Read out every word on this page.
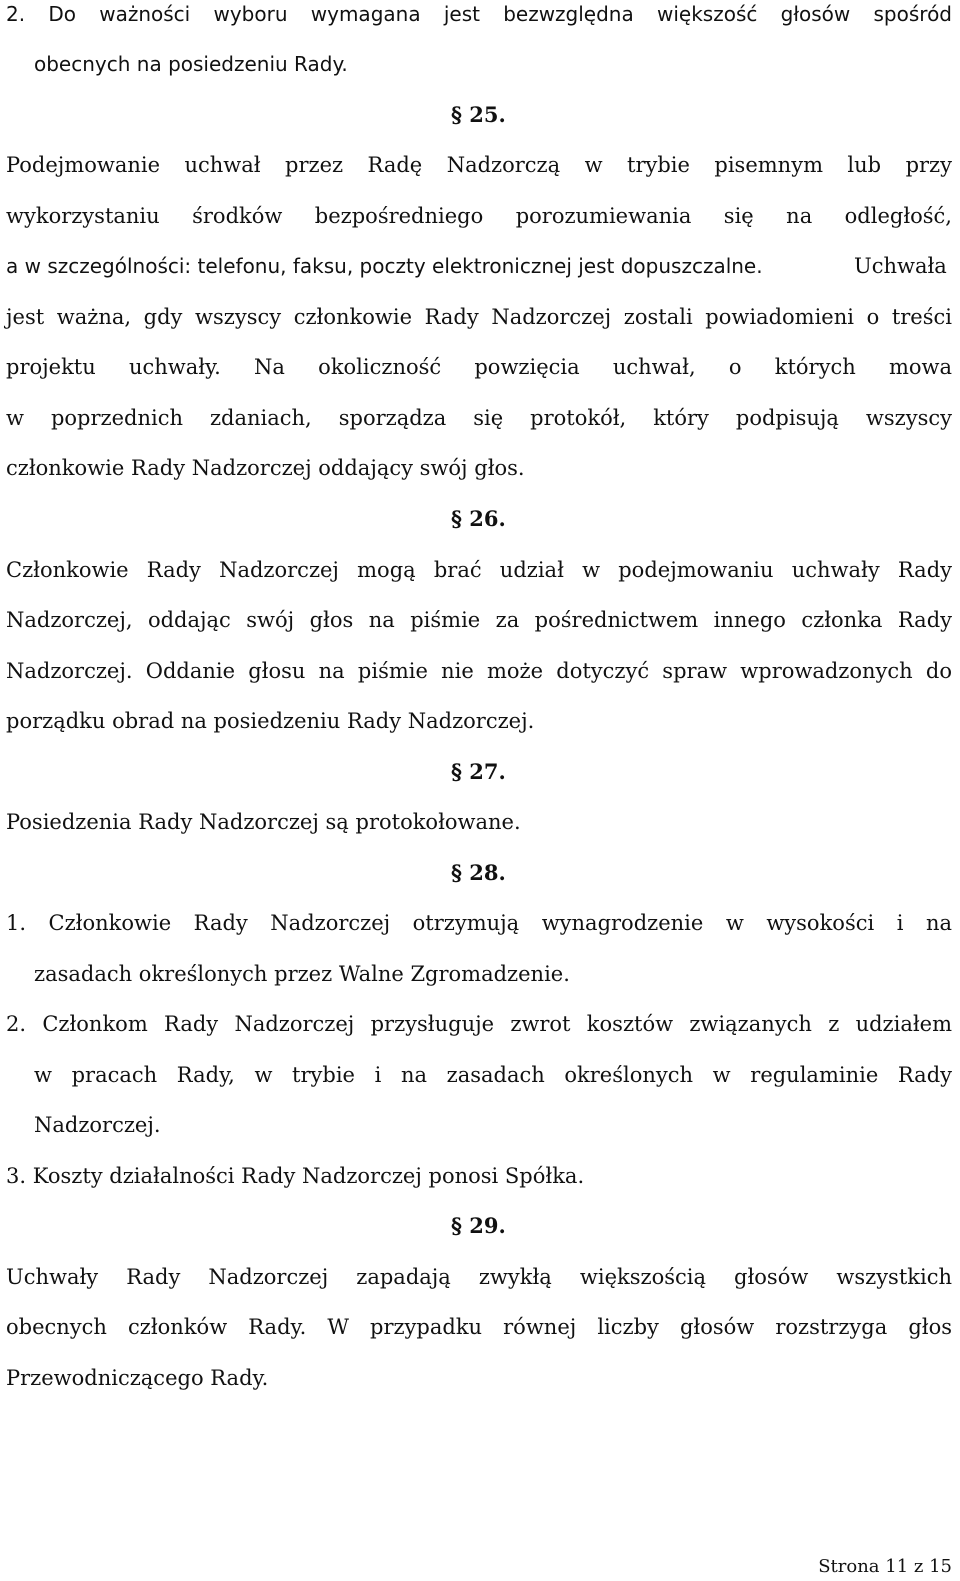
2. Do ważności wyboru wymagana jest bezwzględna większość głosów spośród
obecnych na posiedzeniu Rady.
§ 25.
Podejmowanie uchwał przez Radę Nadzorczą w trybie pisemnym lub przy
wykorzystaniu środków bezpośredniego porozumiewania się na odległość,
a w szczególności: telefonu, faksu, poczty elektronicznej jest dopuszczalne.	Uchwała
jest ważna, gdy wszyscy członkowie Rady Nadzorczej zostali powiadomieni o treści
projektu uchwały. Na okoliczność powzięcia uchwał, o których mowa
w poprzednich zdaniach, sporządza się protokół, który podpisują wszyscy
członkowie Rady Nadzorczej oddający swój głos.
§ 26.
Członkowie Rady Nadzorczej mogą brać udział w podejmowaniu uchwały Rady
Nadzorczej, oddając swój głos na piśmie za pośrednictwem innego członka Rady
Nadzorczej. Oddanie głosu na piśmie nie może dotyczyć spraw wprowadzonych do
porządku obrad na posiedzeniu Rady Nadzorczej.
§ 27.
Posiedzenia Rady Nadzorczej są protokołowane.
§ 28.
1. Członkowie Rady Nadzorczej otrzymują wynagrodzenie w wysokości i na
zasadach określonych przez Walne Zgromadzenie.
2. Członkom Rady Nadzorczej przysługuje zwrot kosztów związanych z udziałem
w pracach Rady, w trybie i na zasadach określonych w regulaminie Rady
Nadzorczej.
3. Koszty działalności Rady Nadzorczej ponosi Spółka.
§ 29.
Uchwały Rady Nadzorczej zapadają zwykłą większością głosów wszystkich
obecnych członków Rady. W przypadku równej liczby głosów rozstrzyga głos
Przewodniczącego Rady.
Strona 11 z 15
